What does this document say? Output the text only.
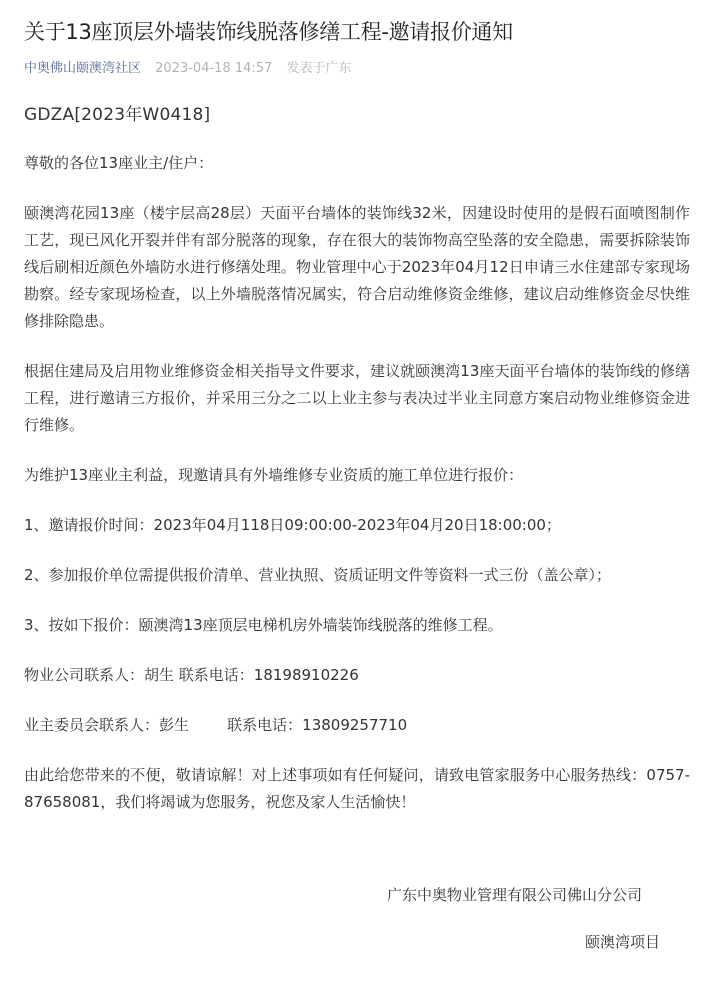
关于13座顶层外墙装饰线脱落修缮工程-邀请报价通知
中奥佛山颐澳湾社区 2023-04-18 14:57 发表于广东

GDZA[2023年W0418]

尊敬的各位13座业主/住户：

颐澳湾花园13座（楼宇层高28层）天面平台墙体的装饰线32米，因建设时使用的是假石面喷图制作工艺，现已风化开裂并伴有部分脱落的现象，存在很大的装饰物高空坠落的安全隐患，需要拆除装饰线后刷相近颜色外墙防水进行修缮处理。物业管理中心于2023年04月12日申请三水住建部专家现场勘察。经专家现场检查，以上外墙脱落情况属实，符合启动维修资金维修，建议启动维修资金尽快维修排除隐患。

根据住建局及启用物业维修资金相关指导文件要求，建议就颐澳湾13座天面平台墙体的装饰线的修缮工程，进行邀请三方报价，并采用三分之二以上业主参与表决过半业主同意方案启动物业维修资金进行维修。

为维护13座业主利益，现邀请具有外墙维修专业资质的施工单位进行报价：

1、邀请报价时间：2023年04月118日09:00:00-2023年04月20日18:00:00；

2、参加报价单位需提供报价清单、营业执照、资质证明文件等资料一式三份（盖公章）；

3、按如下报价：颐澳湾13座顶层电梯机房外墙装饰线脱落的维修工程。

物业公司联系人：胡生 联系电话：18198910226

业主委员会联系人：彭生        联系电话：13809257710

由此给您带来的不便，敬请谅解！对上述事项如有任何疑问，请致电管家服务中心服务热线：0757-87658081，我们将竭诚为您服务，祝您及家人生活愉快！

广东中奥物业管理有限公司佛山分公司
颐澳湾项目
